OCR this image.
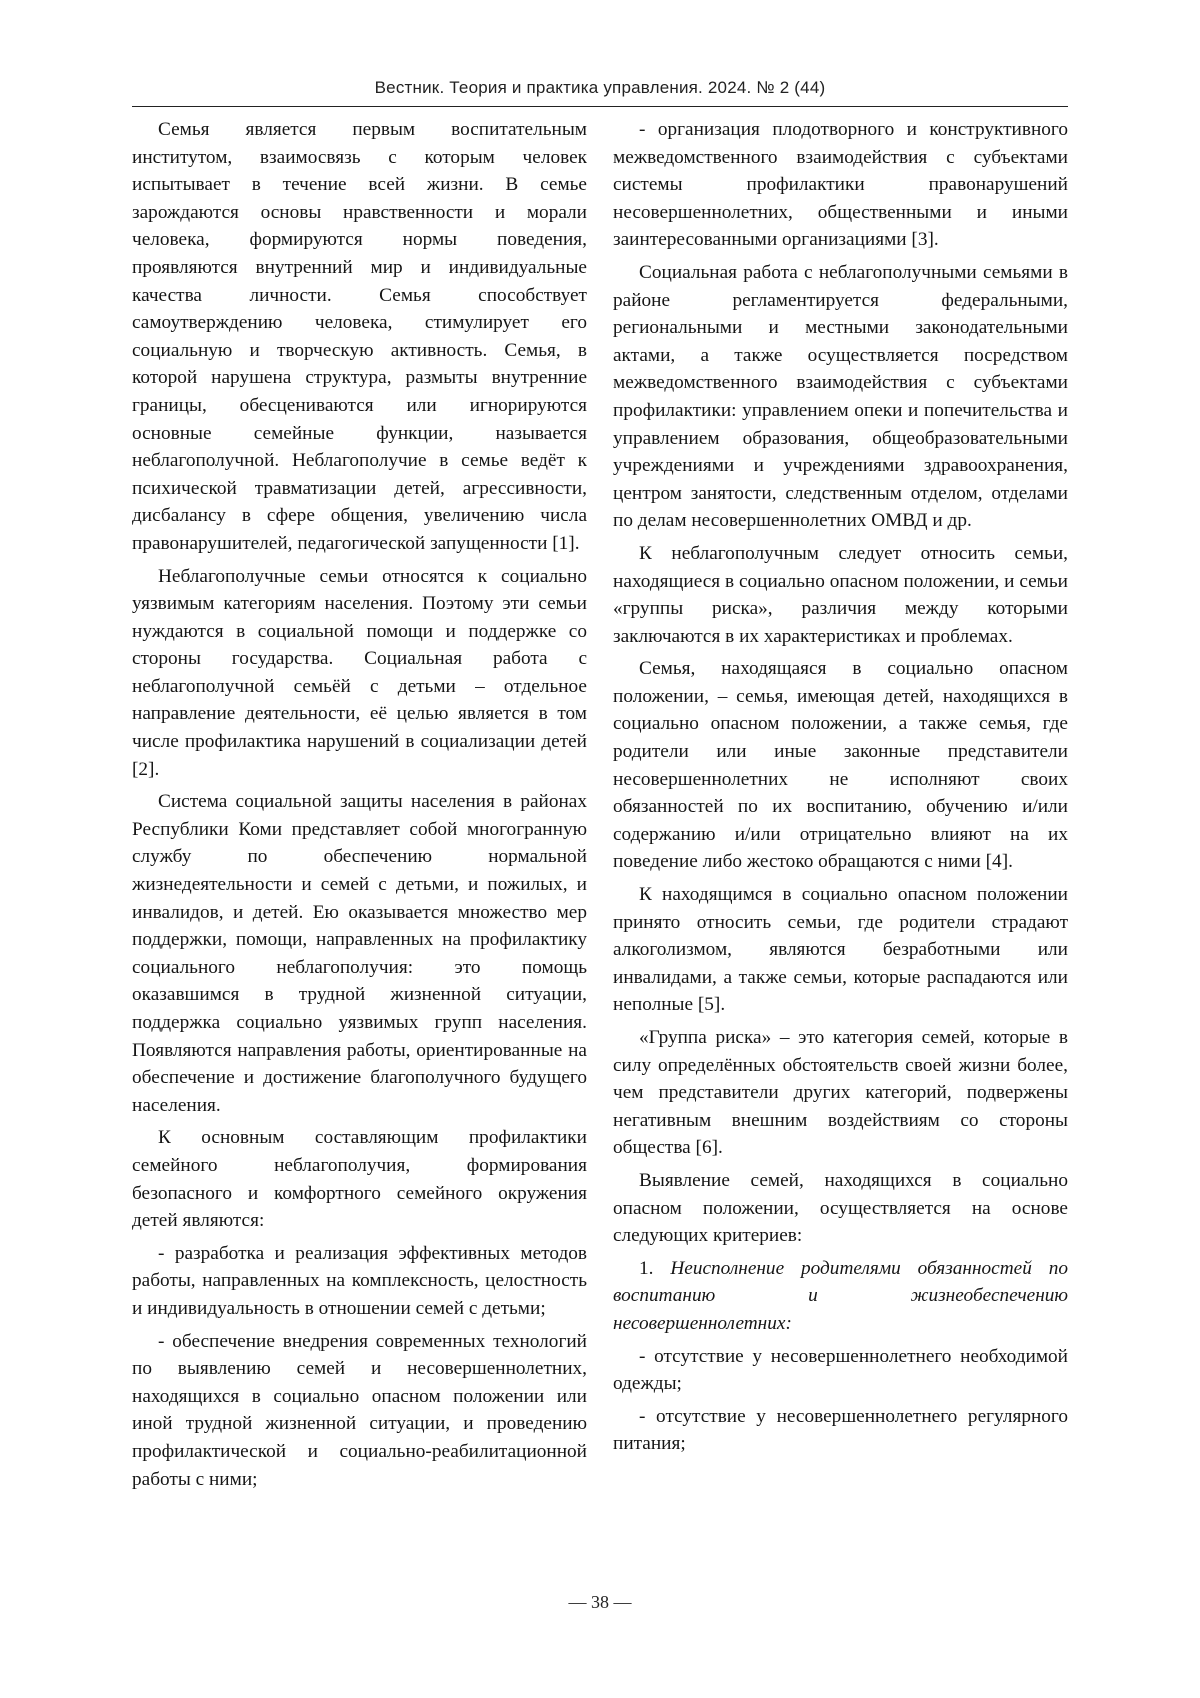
Вестник. Теория и практика управления. 2024. № 2 (44)

Семья является первым воспитательным институтом, взаимосвязь с которым человек испытывает в течение всей жизни. В семье зарождаются основы нравственности и морали человека, формируются нормы поведения, проявляются внутренний мир и индивидуальные качества личности. Семья способствует самоутверждению человека, стимулирует его социальную и творческую активность. Семья, в которой нарушена структура, размыты внутренние границы, обесцениваются или игнорируются основные семейные функции, называется неблагополучной. Неблагополучие в семье ведёт к психической травматизации детей, агрессивности, дисбалансу в сфере общения, увеличению числа правонарушителей, педагогической запущенности [1].

Неблагополучные семьи относятся к социально уязвимым категориям населения. Поэтому эти семьи нуждаются в социальной помощи и поддержке со стороны государства. Социальная работа с неблагополучной семьёй с детьми – отдельное направление деятельности, её целью является в том числе профилактика нарушений в социализации детей [2].

Система социальной защиты населения в районах Республики Коми представляет собой многогранную службу по обеспечению нормальной жизнедеятельности и семей с детьми, и пожилых, и инвалидов, и детей. Ею оказывается множество мер поддержки, помощи, направленных на профилактику социального неблагополучия: это помощь оказавшимся в трудной жизненной ситуации, поддержка социально уязвимых групп населения. Появляются направления работы, ориентированные на обеспечение и достижение благополучного будущего населения.

К основным составляющим профилактики семейного неблагополучия, формирования безопасного и комфортного семейного окружения детей являются:

- разработка и реализация эффективных методов работы, направленных на комплексность, целостность и индивидуальность в отношении семей с детьми;

- обеспечение внедрения современных технологий по выявлению семей и несовершеннолетних, находящихся в социально опасном положении или иной трудной жизненной ситуации, и проведению профилактической и социально-реабилитационной работы с ними;

- организация плодотворного и конструктивного межведомственного взаимодействия с субъектами системы профилактики правонарушений несовершеннолетних, общественными и иными заинтересованными организациями [3].

Социальная работа с неблагополучными семьями в районе регламентируется федеральными, региональными и местными законодательными актами, а также осуществляется посредством межведомственного взаимодействия с субъектами профилактики: управлением опеки и попечительства и управлением образования, общеобразовательными учреждениями и учреждениями здравоохранения, центром занятости, следственным отделом, отделами по делам несовершеннолетних ОМВД и др.

К неблагополучным следует относить семьи, находящиеся в социально опасном положении, и семьи «группы риска», различия между которыми заключаются в их характеристиках и проблемах.

Семья, находящаяся в социально опасном положении, – семья, имеющая детей, находящихся в социально опасном положении, а также семья, где родители или иные законные представители несовершеннолетних не исполняют своих обязанностей по их воспитанию, обучению и/или содержанию и/или отрицательно влияют на их поведение либо жестоко обращаются с ними [4].

К находящимся в социально опасном положении принято относить семьи, где родители страдают алкоголизмом, являются безработными или инвалидами, а также семьи, которые распадаются или неполные [5].

«Группа риска» – это категория семей, которые в силу определённых обстоятельств своей жизни более, чем представители других категорий, подвержены негативным внешним воздействиям со стороны общества [6].

Выявление семей, находящихся в социально опасном положении, осуществляется на основе следующих критериев:

1. Неисполнение родителями обязанностей по воспитанию и жизнеобеспечению несовершеннолетних:

- отсутствие у несовершеннолетнего необходимой одежды;

- отсутствие у несовершеннолетнего регулярного питания;

— 38 —
